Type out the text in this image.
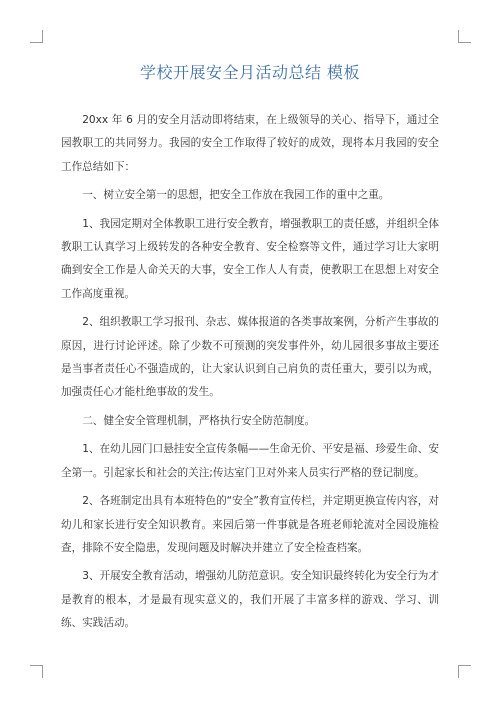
学校开展安全月活动总结 模板

20xx 年 6 月的安全月活动即将结束，在上级领导的关心、指导下，通过全园教职工的共同努力。我园的安全工作取得了较好的成效，现将本月我园的安全工作总结如下：

一、树立安全第一的思想，把安全工作放在我园工作的重中之重。

1、我园定期对全体教职工进行安全教育，增强教职工的责任感，并组织全体教职工认真学习上级转发的各种安全教育、安全检察等文件，通过学习让大家明确到安全工作是人命关天的大事，安全工作人人有责，使教职工在思想上对安全工作高度重视。

2、组织教职工学习报刊、杂志、媒体报道的各类事故案例，分析产生事故的原因，进行讨论评述。除了少数不可预测的突发事件外，幼儿园很多事故主要还是当事者责任心不强造成的，让大家认识到自己肩负的责任重大，要引以为戒，加强责任心才能杜绝事故的发生。

二、健全安全管理机制，严格执行安全防范制度。

1、在幼儿园门口悬挂安全宣传条幅——生命无价、平安是福、珍爱生命、安全第一。引起家长和社会的关注;传达室门卫对外来人员实行严格的登记制度。

2、各班制定出具有本班特色的“安全”教育宣传栏，并定期更换宣传内容，对幼儿和家长进行安全知识教育。来园后第一件事就是各班老师轮流对全园设施检查，排除不安全隐患，发现问题及时解决并建立了安全检查档案。

3、开展安全教育活动，增强幼儿防范意识。安全知识最终转化为安全行为才是教育的根本，才是最有现实意义的，我们开展了丰富多样的游戏、学习、训练、实践活动。
